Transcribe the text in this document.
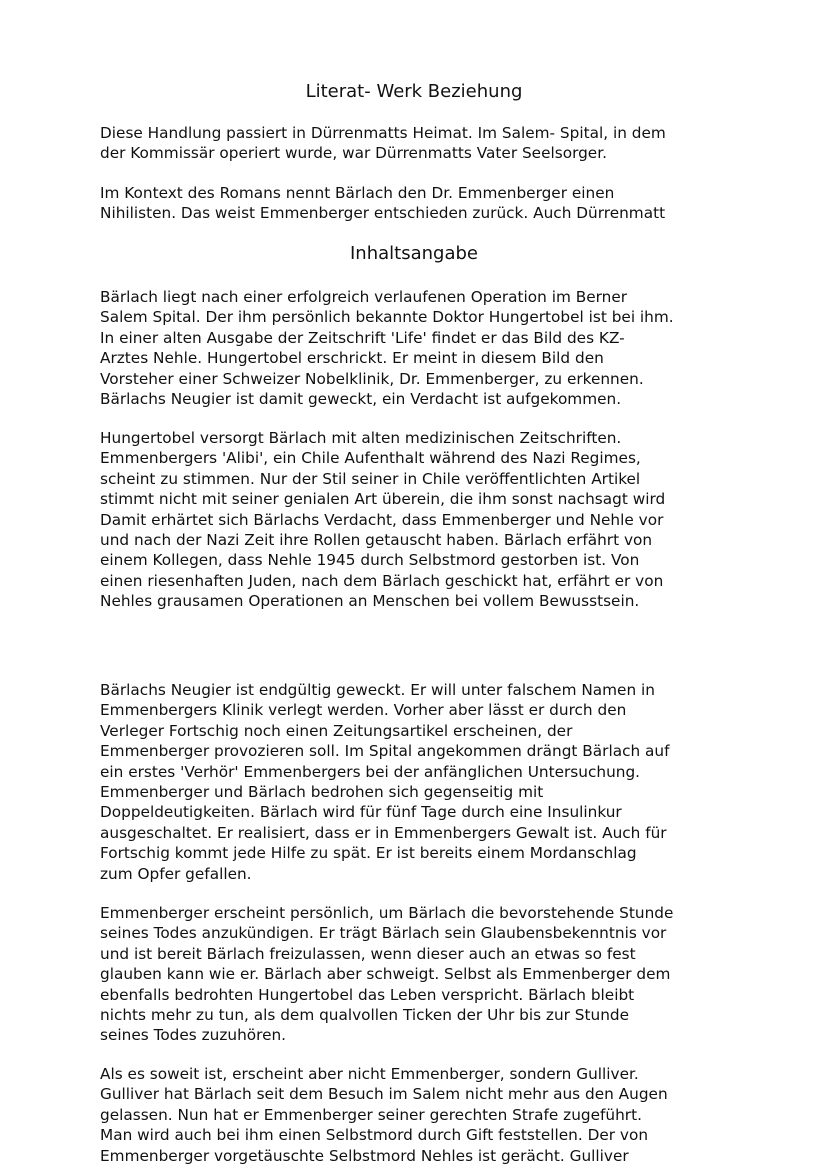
Literat- Werk Beziehung

Diese Handlung passiert in Dürrenmatts Heimat. Im Salem- Spital, in dem
der Kommissär operiert wurde, war Dürrenmatts Vater Seelsorger.

Im Kontext des Romans nennt Bärlach den Dr. Emmenberger einen
Nihilisten. Das weist Emmenberger entschieden zurück. Auch Dürrenmatt

Inhaltsangabe

Bärlach liegt nach einer erfolgreich verlaufenen Operation im Berner
Salem Spital. Der ihm persönlich bekannte Doktor Hungertobel ist bei ihm.
In einer alten Ausgabe der Zeitschrift 'Life' findet er das Bild des KZ-
Arztes Nehle. Hungertobel erschrickt. Er meint in diesem Bild den
Vorsteher einer Schweizer Nobelklinik, Dr. Emmenberger, zu erkennen.
Bärlachs Neugier ist damit geweckt, ein Verdacht ist aufgekommen.

Hungertobel versorgt Bärlach mit alten medizinischen Zeitschriften.
Emmenbergers 'Alibi', ein Chile Aufenthalt während des Nazi Regimes,
scheint zu stimmen. Nur der Stil seiner in Chile veröffentlichten Artikel
stimmt nicht mit seiner genialen Art überein, die ihm sonst nachsagt wird
Damit erhärtet sich Bärlachs Verdacht, dass Emmenberger und Nehle vor
und nach der Nazi Zeit ihre Rollen getauscht haben. Bärlach erfährt von
einem Kollegen, dass Nehle 1945 durch Selbstmord gestorben ist. Von
einen riesenhaften Juden, nach dem Bärlach geschickt hat, erfährt er von
Nehles grausamen Operationen an Menschen bei vollem Bewusstsein.

Bärlachs Neugier ist endgültig geweckt. Er will unter falschem Namen in
Emmenbergers Klinik verlegt werden. Vorher aber lässt er durch den
Verleger Fortschig noch einen Zeitungsartikel erscheinen, der
Emmenberger provozieren soll. Im Spital angekommen drängt Bärlach auf
ein erstes 'Verhör' Emmenbergers bei der anfänglichen Untersuchung.
Emmenberger und Bärlach bedrohen sich gegenseitig mit
Doppeldeutigkeiten. Bärlach wird für fünf Tage durch eine Insulinkur
ausgeschaltet. Er realisiert, dass er in Emmenbergers Gewalt ist. Auch für
Fortschig kommt jede Hilfe zu spät. Er ist bereits einem Mordanschlag
zum Opfer gefallen.

Emmenberger erscheint persönlich, um Bärlach die bevorstehende Stunde
seines Todes anzukündigen. Er trägt Bärlach sein Glaubensbekenntnis vor
und ist bereit Bärlach freizulassen, wenn dieser auch an etwas so fest
glauben kann wie er. Bärlach aber schweigt. Selbst als Emmenberger dem
ebenfalls bedrohten Hungertobel das Leben verspricht. Bärlach bleibt
nichts mehr zu tun, als dem qualvollen Ticken der Uhr bis zur Stunde
seines Todes zuzuhören.

Als es soweit ist, erscheint aber nicht Emmenberger, sondern Gulliver.
Gulliver hat Bärlach seit dem Besuch im Salem nicht mehr aus den Augen
gelassen. Nun hat er Emmenberger seiner gerechten Strafe zugeführt.
Man wird auch bei ihm einen Selbstmord durch Gift feststellen. Der von
Emmenberger vorgetäuschte Selbstmord Nehles ist gerächt. Gulliver
